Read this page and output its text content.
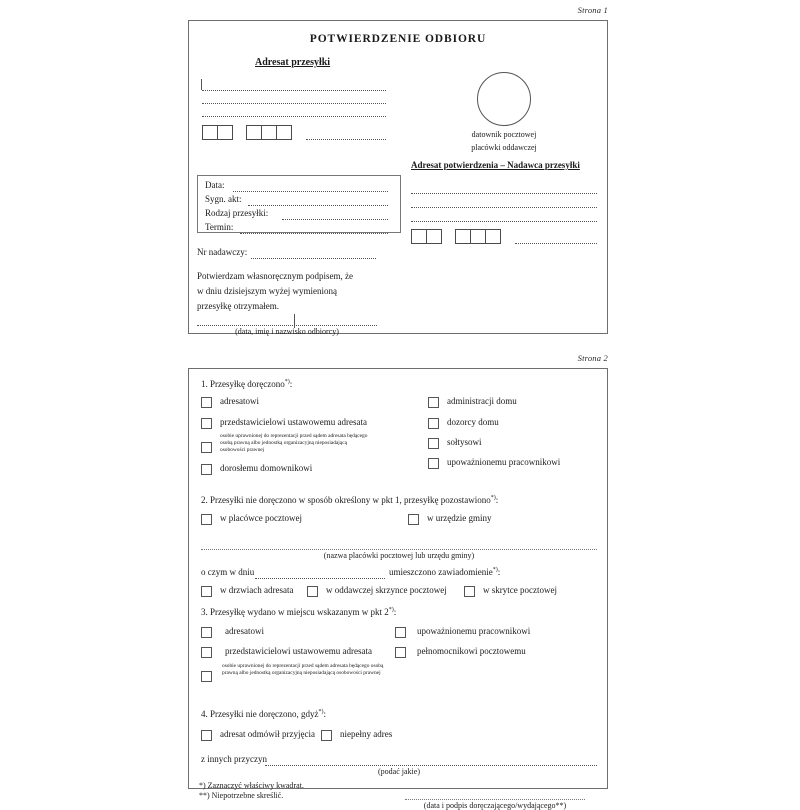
Strona 1
POTWIERDZENIE ODBIORU
Adresat przesyłki
datownik pocztowej
placówki oddawczej
Adresat potwierdzenia – Nadawca przesyłki
Data:
Sygn. akt:
Rodzaj przesyłki:
Termin:
Nr nadawczy:
Potwierdzam własnoręcznym podpisem, że
w dniu dzisiejszym wyżej wymienioną
przesyłkę otrzymałem.
(data, imię i nazwisko odbiorcy)
Strona 2
1. Przesyłkę doręczono*):
adresatowi
przedstawicielowi ustawowemu adresata
osobie uprawnionej do reprezentacji przed sądem adresata będącego osobą prawną albo jednostką organizacyjną nieposiadającą osobowości prawnej
dorosłemu domownikowi
administracji domu
dozorcy domu
sołtysowi
upoważnionemu pracownikowi
2. Przesyłki nie doręczono w sposób określony w pkt 1, przesyłkę pozostawiono*):
w placówce pocztowej	w urzędzie gminy
(nazwa placówki pocztowej lub urzędu gminy)
o czym w dniu	umieszczono zawiadomienie*):
w drzwiach adresata	w oddawczej skrzynce pocztowej	w skrytce pocztowej
3. Przesyłkę wydano w miejscu wskazanym w pkt 2*):
adresatowi
przedstawicielowi ustawowemu adresata
osobie uprawnionej do reprezentacji przed sądem adresata będącego osobą prawną albo jednostką organizacyjną nieposiadającą osobowości prawnej
upoważnionemu pracownikowi
pełnomocnikowi pocztowemu
4. Przesyłki nie doręczono, gdyż*):
adresat odmówił przyjęcia	niepełny adres
z innych przyczyn
(podać jakie)
*) Zaznaczyć właściwy kwadrat.
**) Niepotrzebne skreślić.
(data i podpis doręczającego/wydającego**)
